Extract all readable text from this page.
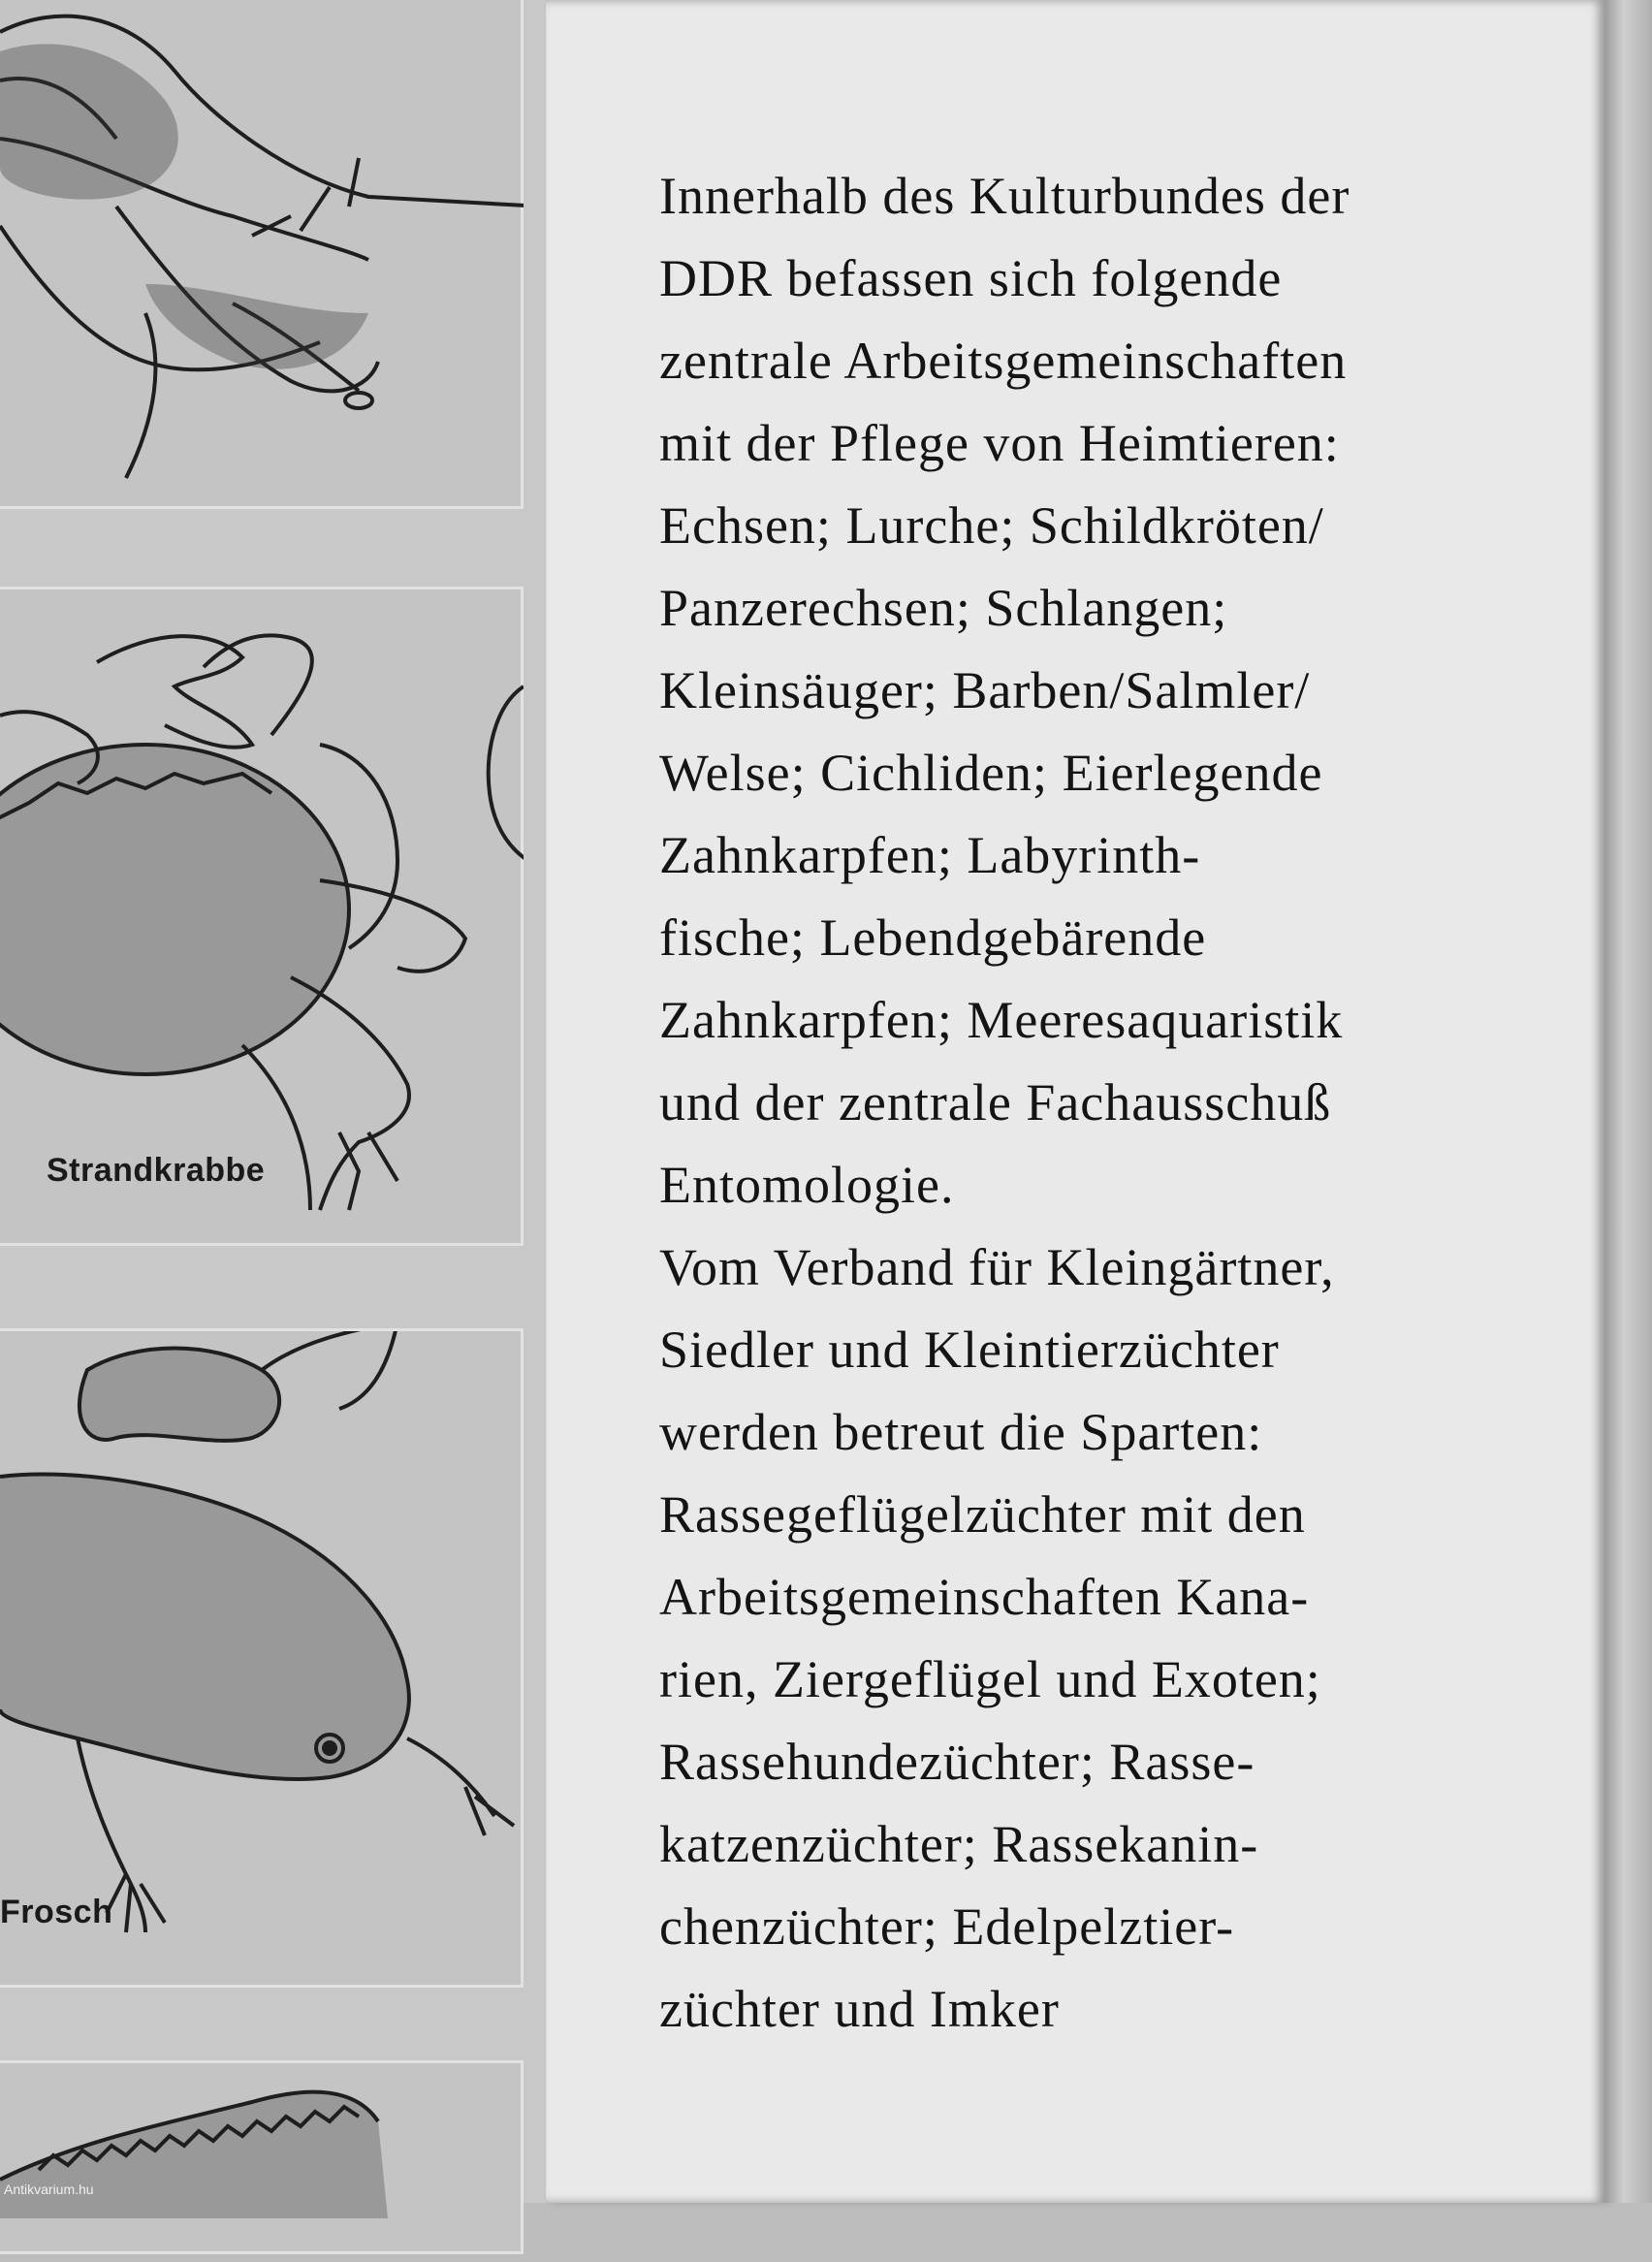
Strandkrabbe
Frosch
Antikvarium.hu
Innerhalb des Kulturbundes der
DDR befassen sich folgende
zentrale Arbeitsgemeinschaften
mit der Pflege von Heimtieren:
Echsen; Lurche; Schildkröten/
Panzerechsen; Schlangen;
Kleinsäuger; Barben/Salmler/
Welse; Cichliden; Eierlegende
Zahnkarpfen; Labyrinth-
fische; Lebendgebärende
Zahnkarpfen; Meeresaquaristik
und der zentrale Fachausschuß
Entomologie.
Vom Verband für Kleingärtner,
Siedler und Kleintierzüchter
werden betreut die Sparten:
Rassegeflügelzüchter mit den
Arbeitsgemeinschaften Kana-
rien, Ziergeflügel und Exoten;
Rassehundezüchter; Rasse-
katzenzüchter; Rassekanin-
chenzüchter; Edelpelztier-
züchter und Imker
